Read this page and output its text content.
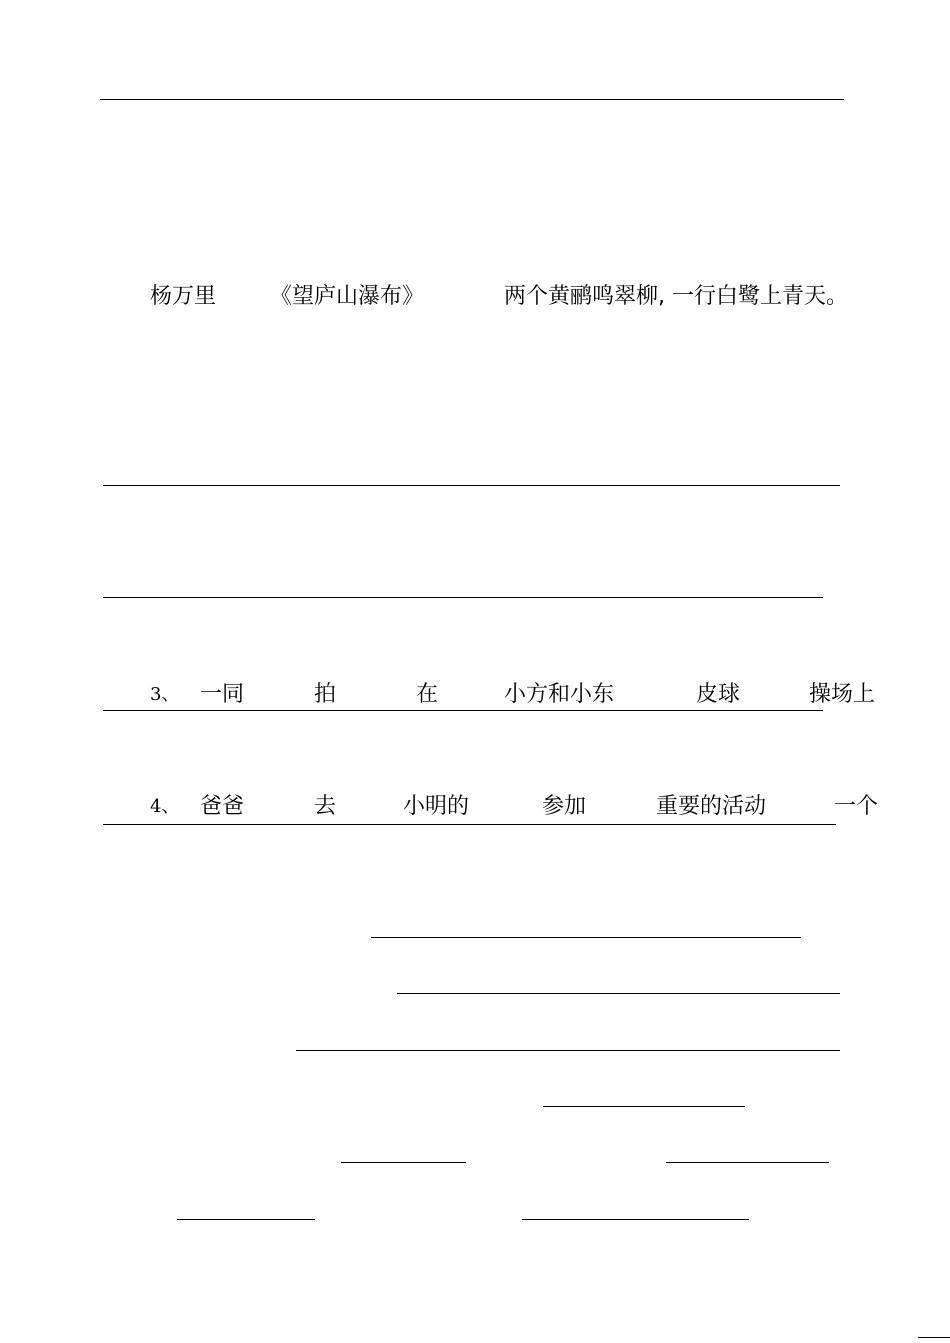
杨万里 《望庐山瀑布》	两个黄鹂鸣翠柳, 一行白鹭上青天。
3、 一同	拍	在	小方和小东	皮球	操场上
4、 爸爸	去	小明的	参加	重要的活动	一个
